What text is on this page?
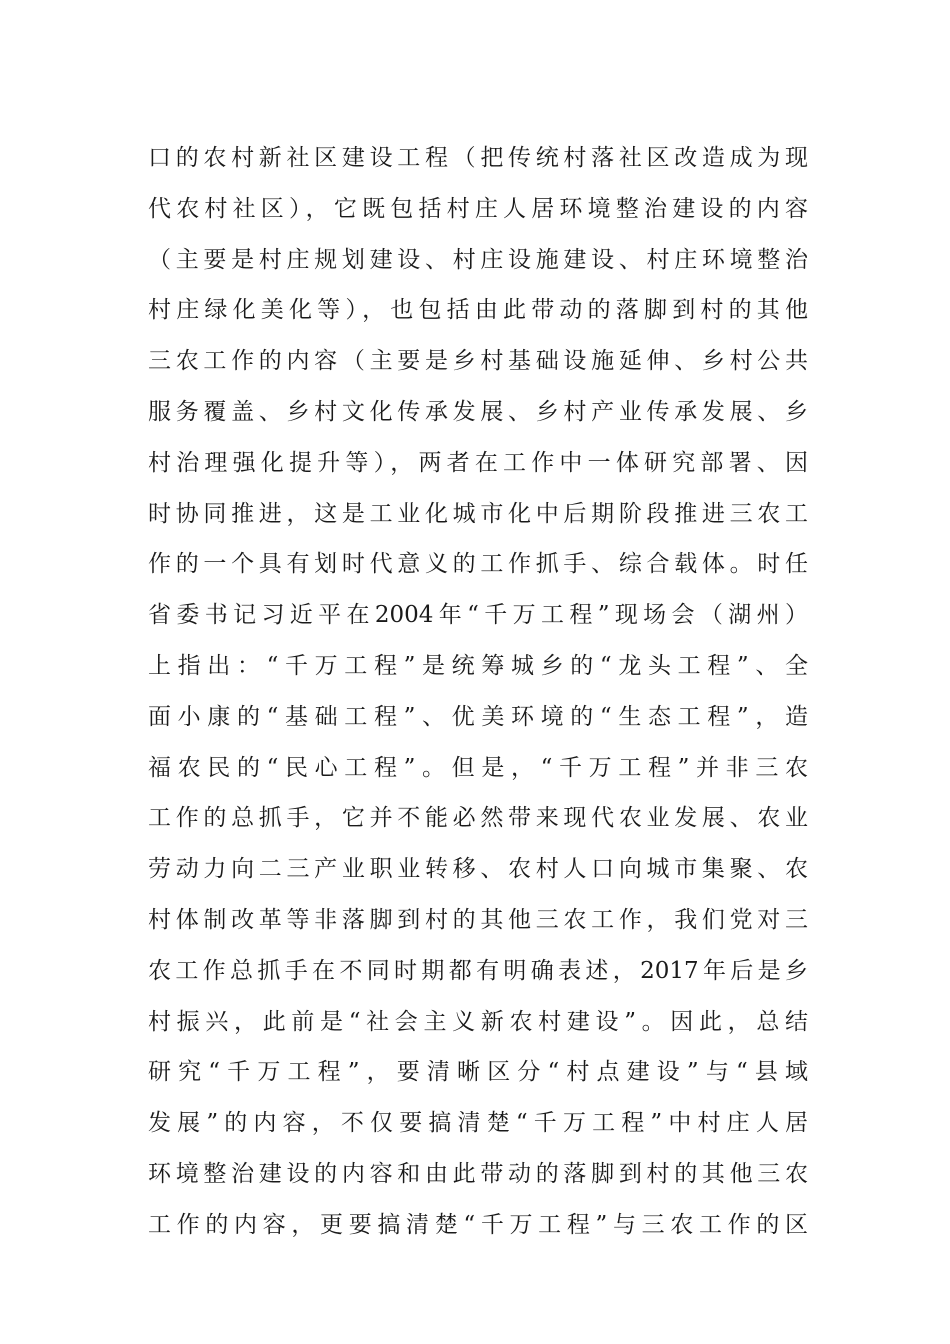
口的农村新社区建设工程（把传统村落社区改造成为现
代农村社区），它既包括村庄人居环境整治建设的内容
（主要是村庄规划建设、村庄设施建设、村庄环境整治
村庄绿化美化等），也包括由此带动的落脚到村的其他
三农工作的内容（主要是乡村基础设施延伸、乡村公共
服务覆盖、乡村文化传承发展、乡村产业传承发展、乡
村治理强化提升等），两者在工作中一体研究部署、因
时协同推进，这是工业化城市化中后期阶段推进三农工
作的一个具有划时代意义的工作抓手、综合载体。时任
省委书记习近平在2004年“千万工程”现场会（湖州）
上指出：“千万工程”是统筹城乡的“龙头工程”、全
面小康的“基础工程”、优美环境的“生态工程”，造
福农民的“民心工程”。但是，“千万工程”并非三农
工作的总抓手，它并不能必然带来现代农业发展、农业
劳动力向二三产业职业转移、农村人口向城市集聚、农
村体制改革等非落脚到村的其他三农工作，我们党对三
农工作总抓手在不同时期都有明确表述，2017年后是乡
村振兴，此前是“社会主义新农村建设”。因此，总结
研究“千万工程”，要清晰区分“村点建设”与“县域
发展”的内容，不仅要搞清楚“千万工程”中村庄人居
环境整治建设的内容和由此带动的落脚到村的其他三农
工作的内容，更要搞清楚“千万工程”与三农工作的区
